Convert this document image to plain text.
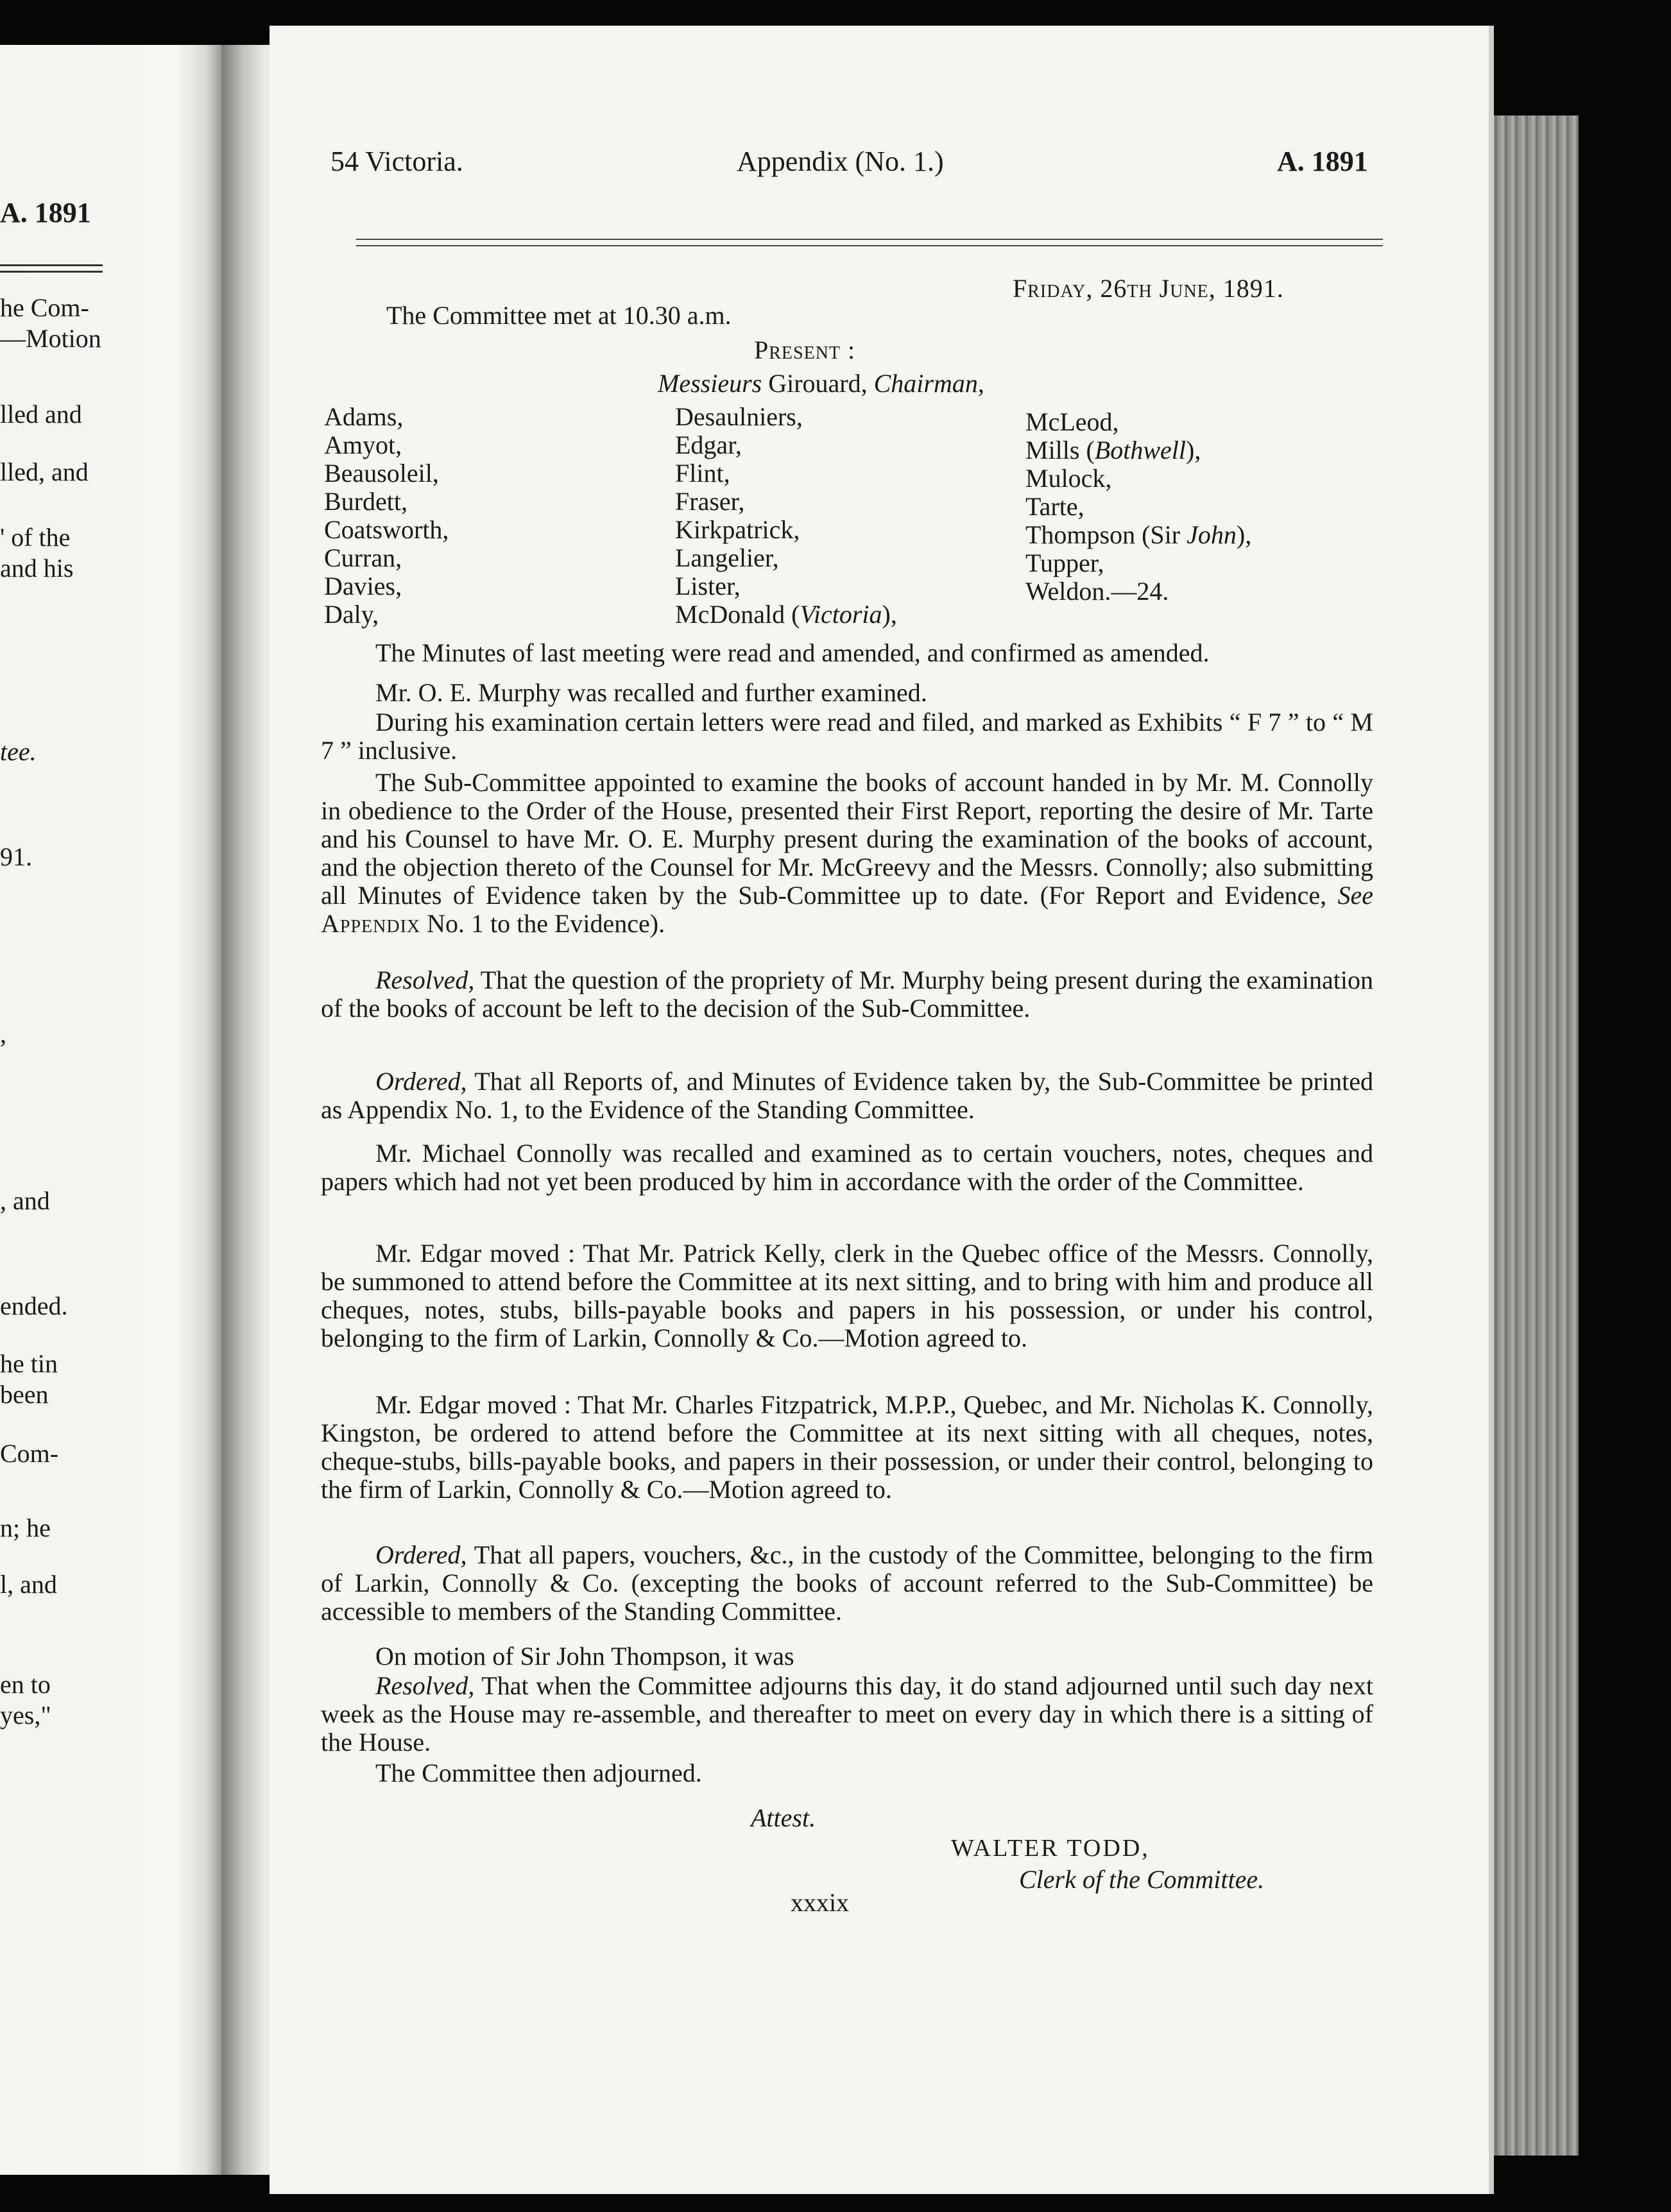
A. 1891
he Com-
—Motion
lled and
lled, and
' of the
and his
tee.
91.
,
, and
ended.
he tin
been
Com-
n; he
l, and
en to
yes,"
54 Victoria.	Appendix (No. 1.)	A. 1891
Friday, 26th June, 1891.
The Committee met at 10.30 a.m.
Present :
Messieurs Girouard, Chairman,
Adams,
Amyot,
Beausoleil,
Burdett,
Coatsworth,
Curran,
Davies,
Daly,
Desaulniers,
Edgar,
Flint,
Fraser,
Kirkpatrick,
Langelier,
Lister,
McDonald (Victoria),
McLeod,
Mills (Bothwell),
Mulock,
Tarte,
Thompson (Sir John),
Tupper,
Weldon.—24.
The Minutes of last meeting were read and amended, and confirmed as amended.
Mr. O. E. Murphy was recalled and further examined.
During his examination certain letters were read and filed, and marked as Exhibits “ F 7 ” to “ M 7 ” inclusive.
The Sub-Committee appointed to examine the books of account handed in by Mr. M. Connolly in obedience to the Order of the House, presented their First Report, reporting the desire of Mr. Tarte and his Counsel to have Mr. O. E. Murphy present during the examination of the books of account, and the objection thereto of the Counsel for Mr. McGreevy and the Messrs. Connolly; also submitting all Minutes of Evidence taken by the Sub-Committee up to date. (For Report and Evidence, See Appendix No. 1 to the Evidence).
Resolved, That the question of the propriety of Mr. Murphy being present during the examination of the books of account be left to the decision of the Sub-Committee.
Ordered, That all Reports of, and Minutes of Evidence taken by, the Sub-Committee be printed as Appendix No. 1, to the Evidence of the Standing Committee.
Mr. Michael Connolly was recalled and examined as to certain vouchers, notes, cheques and papers which had not yet been produced by him in accordance with the order of the Committee.
Mr. Edgar moved : That Mr. Patrick Kelly, clerk in the Quebec office of the Messrs. Connolly, be summoned to attend before the Committee at its next sitting, and to bring with him and produce all cheques, notes, stubs, bills-payable books and papers in his possession, or under his control, belonging to the firm of Larkin, Connolly & Co.—Motion agreed to.
Mr. Edgar moved : That Mr. Charles Fitzpatrick, M.P.P., Quebec, and Mr. Nicholas K. Connolly, Kingston, be ordered to attend before the Committee at its next sitting with all cheques, notes, cheque-stubs, bills-payable books, and papers in their possession, or under their control, belonging to the firm of Larkin, Connolly & Co.—Motion agreed to.
Ordered, That all papers, vouchers, &c., in the custody of the Committee, belonging to the firm of Larkin, Connolly & Co. (excepting the books of account referred to the Sub-Committee) be accessible to members of the Standing Committee.
On motion of Sir John Thompson, it was
Resolved, That when the Committee adjourns this day, it do stand adjourned until such day next week as the House may re-assemble, and thereafter to meet on every day in which there is a sitting of the House.
The Committee then adjourned.
Attest.
WALTER TODD,
Clerk of the Committee.
xxxix
